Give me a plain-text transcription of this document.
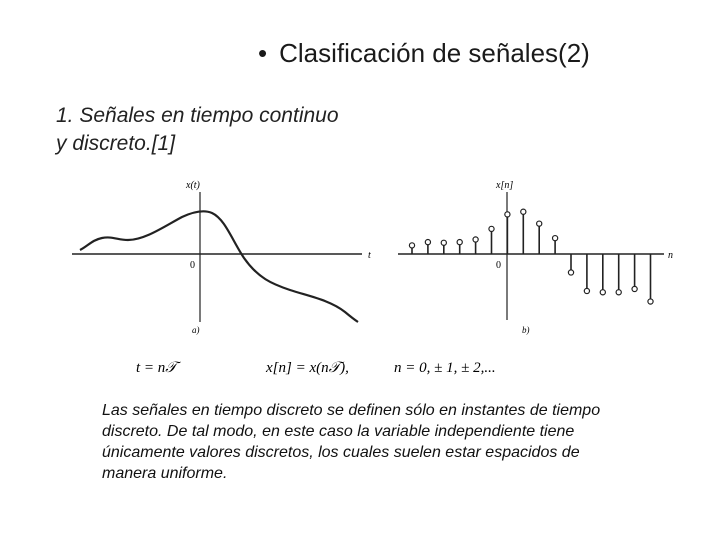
• Clasificación de señales(2)
1. Señales en tiempo continuo
y discreto.[1]
x(t)
t
0
a)
x[n]
n
0
b)
t = n𝒯	x[n] = x(n𝒯),	n = 0, ± 1, ± 2,...
Las señales en tiempo discreto se definen sólo en instantes de tiempo discreto. De tal modo, en este caso la variable independiente tiene únicamente valores discretos, los cuales suelen estar espacidos de manera uniforme.
